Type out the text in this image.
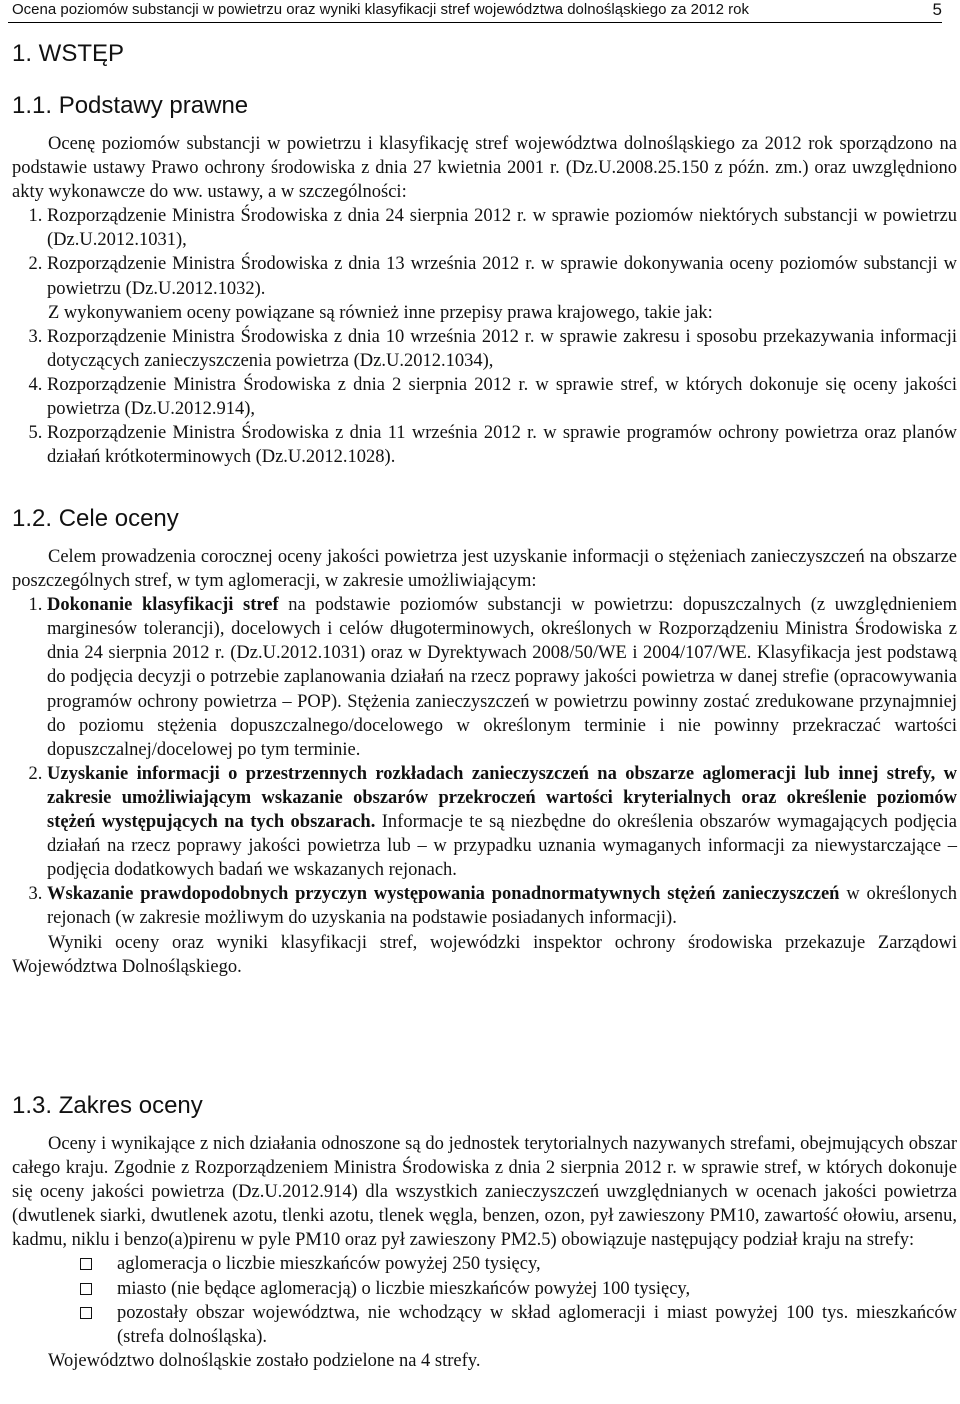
Ocena poziomów substancji w powietrzu oraz wyniki klasyfikacji stref województwa dolnośląskiego za 2012 rok	5
1. WSTĘP
1.1. Podstawy prawne

Ocenę poziomów substancji w powietrzu i klasyfikację stref województwa dolnośląskiego za 2012 rok sporządzono na podstawie ustawy Prawo ochrony środowiska z dnia 27 kwietnia 2001 r. (Dz.U.2008.25.150 z późn. zm.) oraz uwzględniono akty wykonawcze do ww. ustawy, a w szczególności:

1. Rozporządzenie Ministra Środowiska z dnia 24 sierpnia 2012 r. w sprawie poziomów niektórych substancji w powietrzu (Dz.U.2012.1031),
2. Rozporządzenie Ministra Środowiska z dnia 13 września 2012 r. w sprawie dokonywania oceny poziomów substancji w powietrzu (Dz.U.2012.1032).

Z wykonywaniem oceny powiązane są również inne przepisy prawa krajowego, takie jak:

3. Rozporządzenie Ministra Środowiska z dnia 10 września 2012 r. w sprawie zakresu i sposobu przekazywania informacji dotyczących zanieczyszczenia powietrza (Dz.U.2012.1034),
4. Rozporządzenie Ministra Środowiska z dnia 2 sierpnia 2012 r. w sprawie stref, w których dokonuje się oceny jakości powietrza (Dz.U.2012.914),
5. Rozporządzenie Ministra Środowiska z dnia 11 września 2012 r. w sprawie programów ochrony powietrza oraz planów działań krótkoterminowych (Dz.U.2012.1028).
1.2. Cele oceny

Celem prowadzenia corocznej oceny jakości powietrza jest uzyskanie informacji o stężeniach zanieczyszczeń na obszarze poszczególnych stref, w tym aglomeracji, w zakresie umożliwiającym:

1. Dokonanie klasyfikacji stref na podstawie poziomów substancji w powietrzu: dopuszczalnych (z uwzględnieniem marginesów tolerancji), docelowych i celów długoterminowych, określonych w Rozporządzeniu Ministra Środowiska z dnia 24 sierpnia 2012 r. (Dz.U.2012.1031) oraz w Dyrektywach 2008/50/WE i 2004/107/WE. Klasyfikacja jest podstawą do podjęcia decyzji o potrzebie zaplanowania działań na rzecz poprawy jakości powietrza w danej strefie (opracowywania programów ochrony powietrza – POP). Stężenia zanieczyszczeń w powietrzu powinny zostać zredukowane przynajmniej do poziomu stężenia dopuszczalnego/docelowego w określonym terminie i nie powinny przekraczać wartości dopuszczalnej/docelowej po tym terminie.
2. Uzyskanie informacji o przestrzennych rozkładach zanieczyszczeń na obszarze aglomeracji lub innej strefy, w zakresie umożliwiającym wskazanie obszarów przekroczeń wartości kryterialnych oraz określenie poziomów stężeń występujących na tych obszarach. Informacje te są niezbędne do określenia obszarów wymagających podjęcia działań na rzecz poprawy jakości powietrza lub – w przypadku uznania wymaganych informacji za niewystarczające – podjęcia dodatkowych badań we wskazanych rejonach.
3. Wskazanie prawdopodobnych przyczyn występowania ponadnormatywnych stężeń zanieczyszczeń w określonych rejonach (w zakresie możliwym do uzyskania na podstawie posiadanych informacji).

Wyniki oceny oraz wyniki klasyfikacji stref, wojewódzki inspektor ochrony środowiska przekazuje Zarządowi Województwa Dolnośląskiego.

1.3. Zakres oceny

Oceny i wynikające z nich działania odnoszone są do jednostek terytorialnych nazywanych strefami, obejmujących obszar całego kraju. Zgodnie z Rozporządzeniem Ministra Środowiska z dnia 2 sierpnia 2012 r. w sprawie stref, w których dokonuje się oceny jakości powietrza (Dz.U.2012.914) dla wszystkich zanieczyszczeń uwzględnianych w ocenach jakości powietrza (dwutlenek siarki, dwutlenek azotu, tlenki azotu, tlenek węgla, benzen, ozon, pył zawieszony PM10, zawartość ołowiu, arsenu, kadmu, niklu i benzo(a)pirenu w pyle PM10 oraz pył zawieszony PM2.5) obowiązuje następujący podział kraju na strefy:

aglomeracja o liczbie mieszkańców powyżej 250 tysięcy,
miasto (nie będące aglomeracją) o liczbie mieszkańców powyżej 100 tysięcy,
pozostały obszar województwa, nie wchodzący w skład aglomeracji i miast powyżej 100 tys. mieszkańców (strefa dolnośląska).

Województwo dolnośląskie zostało podzielone na 4 strefy.
